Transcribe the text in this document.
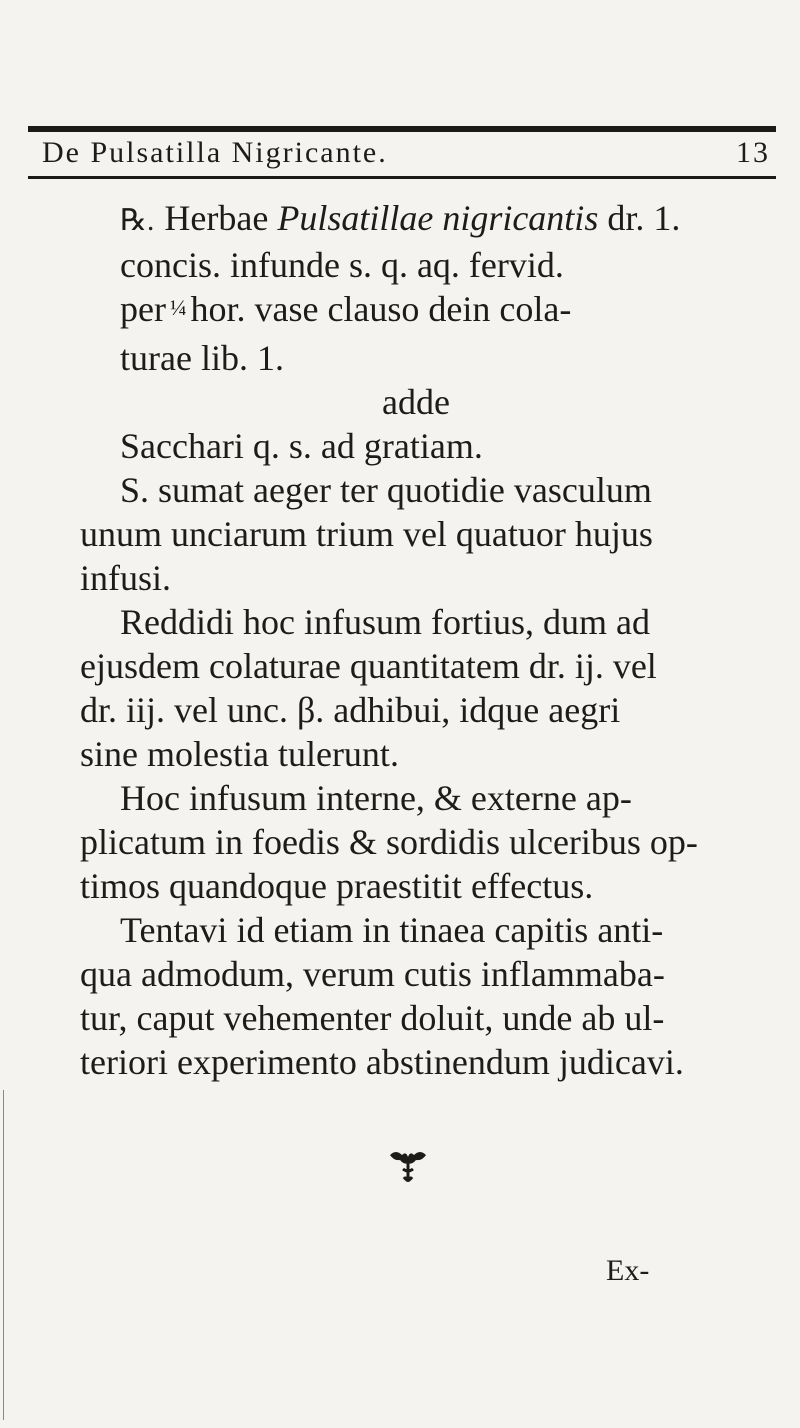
De Pulsatilla Nigricante.	13
℞. Herbae Pulsatillae nigricantis dr. 1.
concis. infunde s. q. aq. fervid.
per ¼ hor. vase clauso dein cola-
turae lib. 1.
adde
Sacchari q. s. ad gratiam.
S. sumat aeger ter quotidie vasculum
unum unciarum trium vel quatuor hujus
infusi.
Reddidi hoc infusum fortius, dum ad
ejusdem colaturae quantitatem dr. ij. vel
dr. iij. vel unc. β. adhibui, idque aegri
sine molestia tulerunt.
Hoc infusum interne, & externe ap-
plicatum in foedis & sordidis ulceribus op-
timos quandoque praestitit effectus.
Tentavi id etiam in tinaea capitis anti-
qua admodum, verum cutis inflammaba-
tur, caput vehementer doluit, unde ab ul-
teriori experimento abstinendum judicavi.
Ex-
